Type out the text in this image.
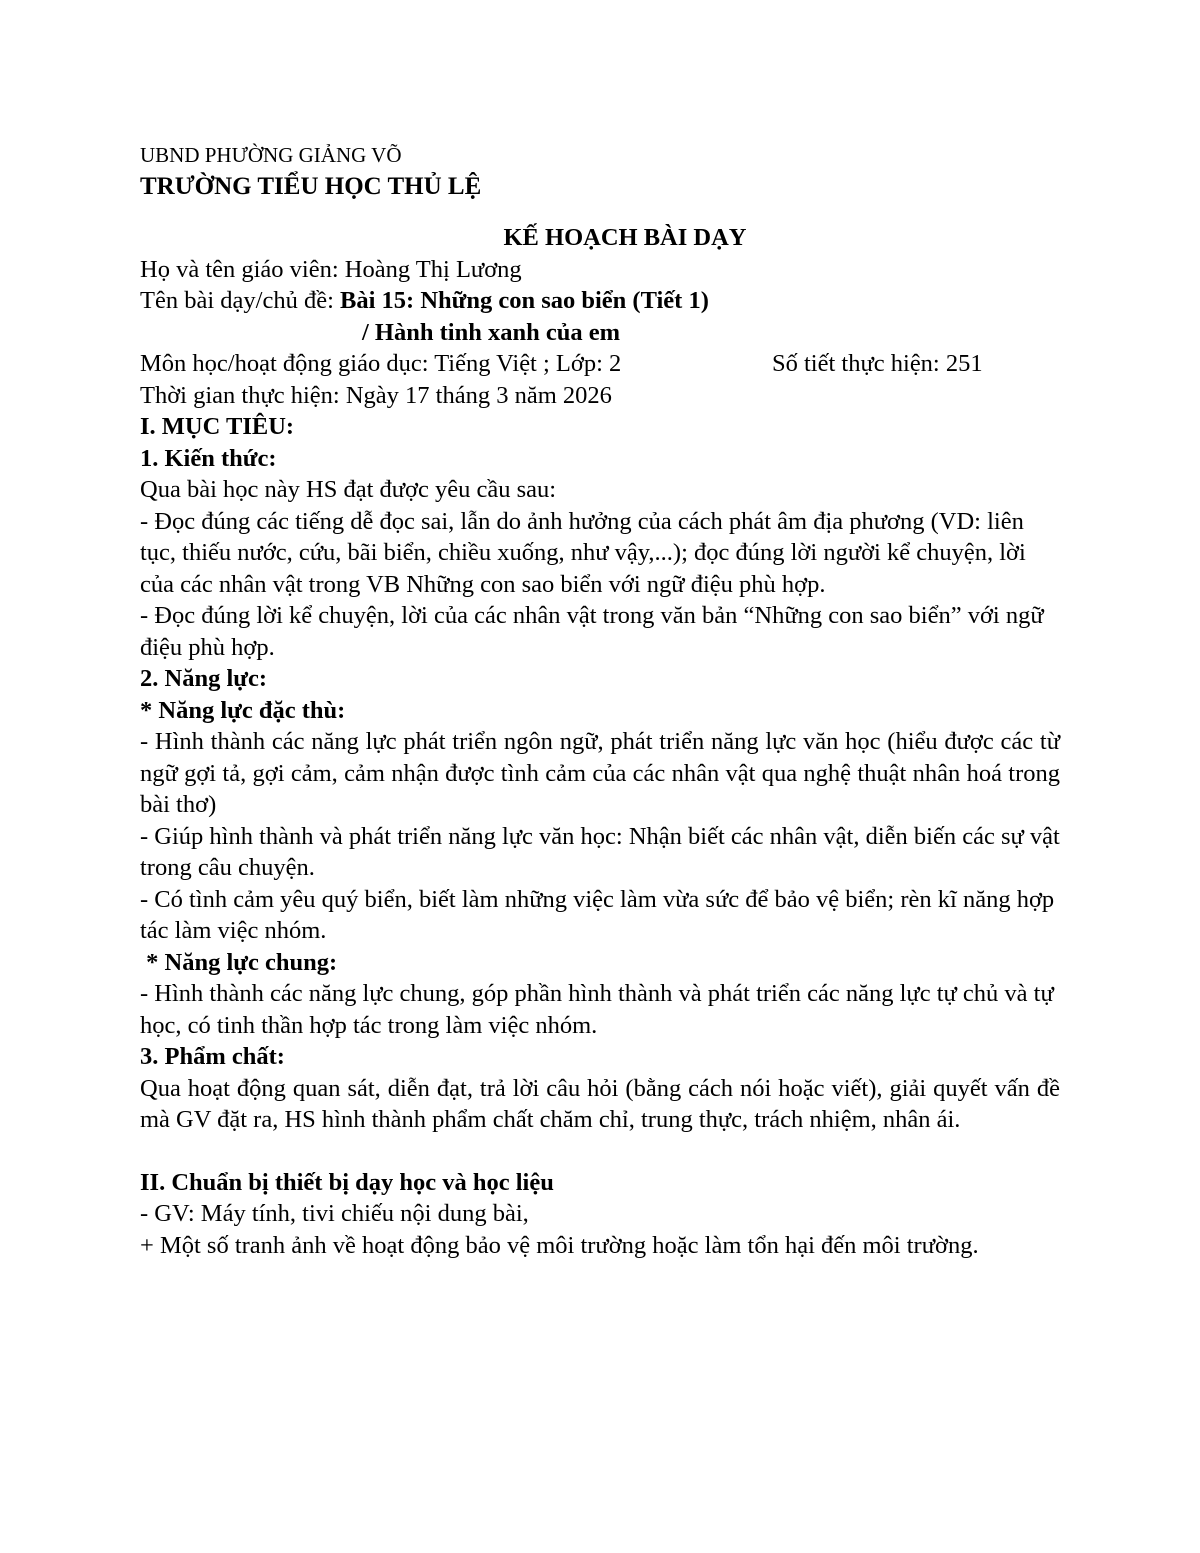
UBND PHƯỜNG GIẢNG VÕ

TRƯỜNG TIỂU HỌC THỦ LỆ

KẾ HOẠCH BÀI DẠY

Họ và tên giáo viên: Hoàng Thị Lương

Tên bài dạy/chủ đề: Bài 15: Những con sao biển (Tiết 1)

/ Hành tinh xanh của em

Môn học/hoạt động giáo dục: Tiếng Việt ; Lớp: 2	Số tiết thực hiện: 251

Thời gian thực hiện: Ngày 17 tháng 3 năm 2026

I. MỤC TIÊU:

1. Kiến thức:

Qua bài học này HS đạt được yêu cầu sau:

- Đọc đúng các tiếng dễ đọc sai, lẫn do ảnh hưởng của cách phát âm địa phương (VD: liên tục, thiếu nước, cứu, bãi biển, chiều xuống, như vậy,...); đọc đúng lời người kể chuyện, lời của các nhân vật trong VB Những con sao biển với ngữ điệu phù hợp.

- Đọc đúng lời kể chuyện, lời của các nhân vật trong văn bản “Những con sao biển” với ngữ điệu phù hợp.

2. Năng lực:

* Năng lực đặc thù:

- Hình thành các năng lực phát triển ngôn ngữ, phát triển năng lực văn học (hiểu được các từ ngữ gợi tả, gợi cảm, cảm nhận được tình cảm của các nhân vật qua nghệ thuật nhân hoá trong bài thơ)

- Giúp hình thành và phát triển năng lực văn học: Nhận biết các nhân vật, diễn biến các sự vật trong câu chuyện.

- Có tình cảm yêu quý biển, biết làm những việc làm vừa sức để bảo vệ biển; rèn kĩ năng hợp tác làm việc nhóm.

* Năng lực chung:

- Hình thành các năng lực chung, góp phần hình thành và phát triển các năng lực tự chủ và tự học, có tinh thần hợp tác trong làm việc nhóm.

3. Phẩm chất:

Qua hoạt động quan sát, diễn đạt, trả lời câu hỏi (bằng cách nói hoặc viết), giải quyết vấn đề mà GV đặt ra, HS hình thành phẩm chất chăm chỉ, trung thực, trách nhiệm, nhân ái.

II. Chuẩn bị thiết bị dạy học và học liệu

- GV: Máy tính, tivi chiếu nội dung bài,

+ Một số tranh ảnh về hoạt động bảo vệ môi trường hoặc làm tổn hại đến môi trường.
